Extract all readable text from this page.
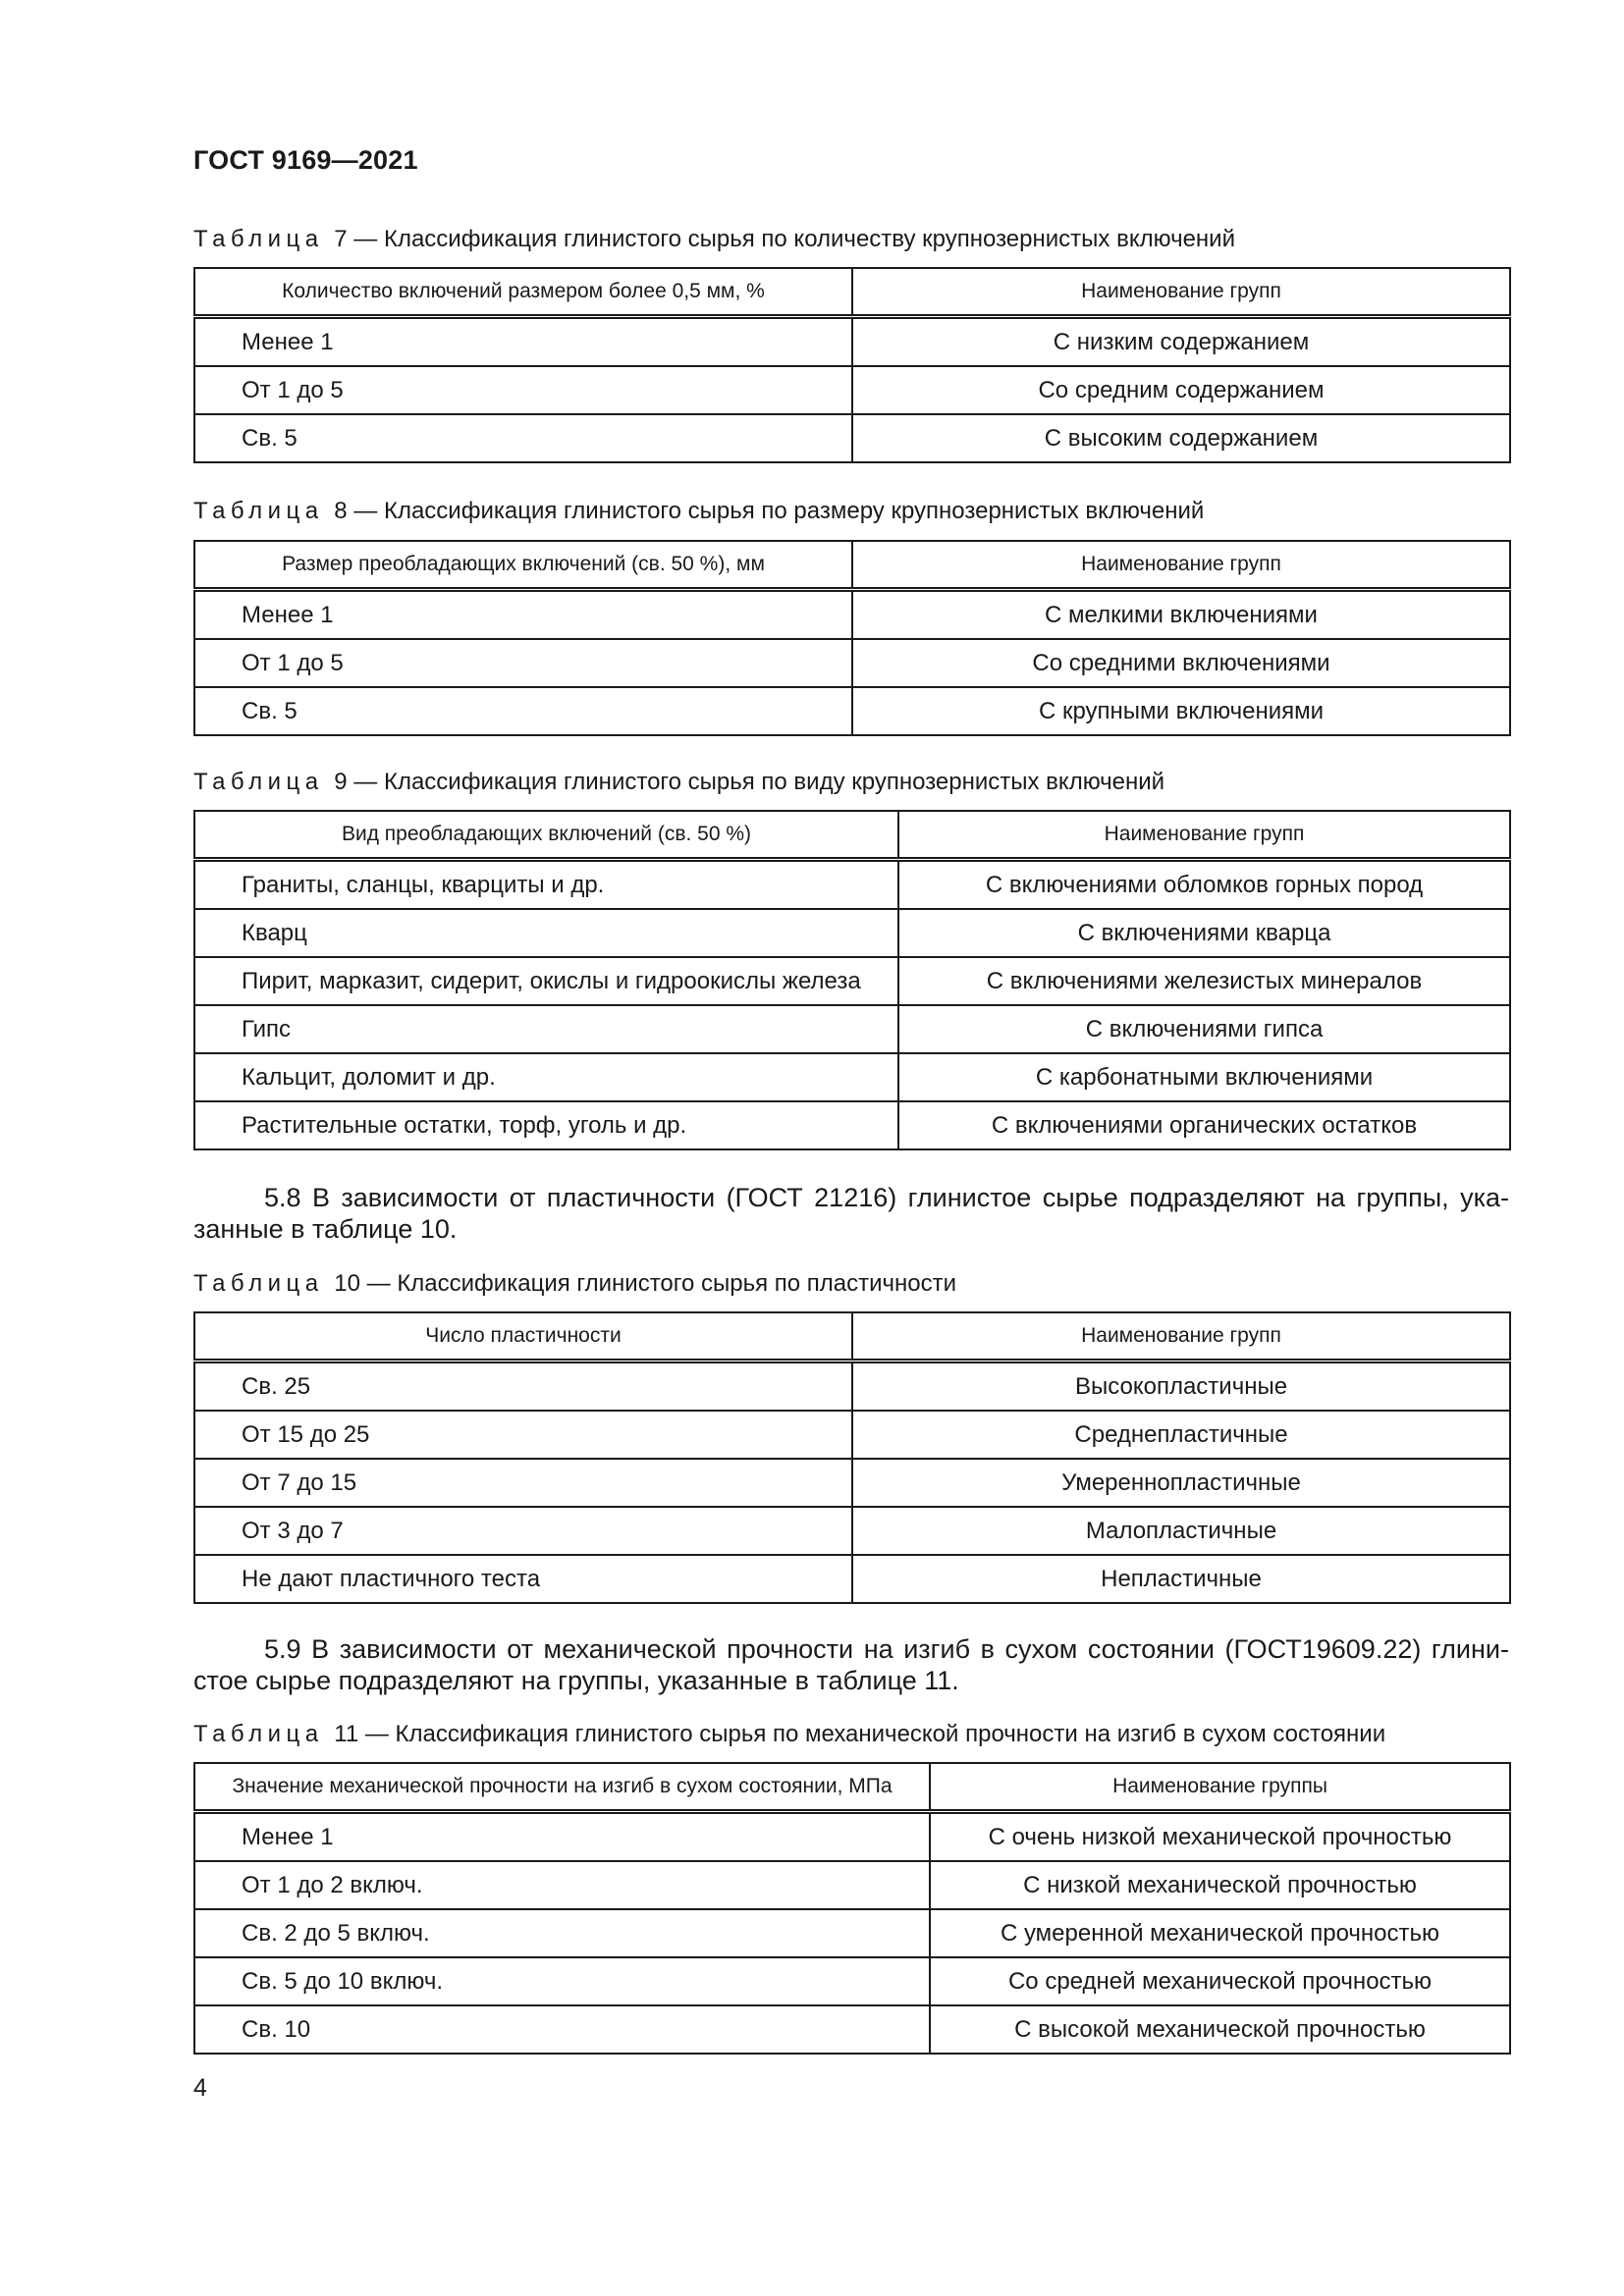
ГОСТ 9169—2021
Таблица 7 — Классификация глинистого сырья по количеству крупнозернистых включений
Количество включений размером более 0,5 мм, %	Наименование групп
Менее 1	С низким содержанием
От 1 до 5	Со средним содержанием
Св. 5	С высоким содержанием
Таблица 8 — Классификация глинистого сырья по размеру крупнозернистых включений
Размер преобладающих включений (св. 50 %), мм	Наименование групп
Менее 1	С мелкими включениями
От 1 до 5	Со средними включениями
Св. 5	С крупными включениями
Таблица 9 — Классификация глинистого сырья по виду крупнозернистых включений
Вид преобладающих включений (св. 50 %)	Наименование групп
Граниты, сланцы, кварциты и др.	С включениями обломков горных пород
Кварц	С включениями кварца
Пирит, марказит, сидерит, окислы и гидроокислы железа	С включениями железистых минералов
Гипс	С включениями гипса
Кальцит, доломит и др.	С карбонатными включениями
Растительные остатки, торф, уголь и др.	С включениями органических остатков
5.8 В зависимости от пластичности (ГОСТ 21216) глинистое сырье подразделяют на группы, ука-
занные в таблице 10.
Таблица 10 — Классификация глинистого сырья по пластичности
Число пластичности	Наименование групп
Св. 25	Высокопластичные
От 15 до 25	Среднепластичные
От 7 до 15	Умереннопластичные
От 3 до 7	Малопластичные
Не дают пластичного теста	Непластичные
5.9 В зависимости от механической прочности на изгиб в сухом состоянии (ГОСТ19609.22) глини-
стое сырье подразделяют на группы, указанные в таблице 11.
Таблица 11 — Классификация глинистого сырья по механической прочности на изгиб в сухом состоянии
Значение механической прочности на изгиб в сухом состоянии, МПа	Наименование группы
Менее 1	С очень низкой механической прочностью
От 1 до 2 включ.	С низкой механической прочностью
Св. 2 до 5 включ.	С умеренной механической прочностью
Св. 5 до 10 включ.	Со средней механической прочностью
Св. 10	С высокой механической прочностью
4
